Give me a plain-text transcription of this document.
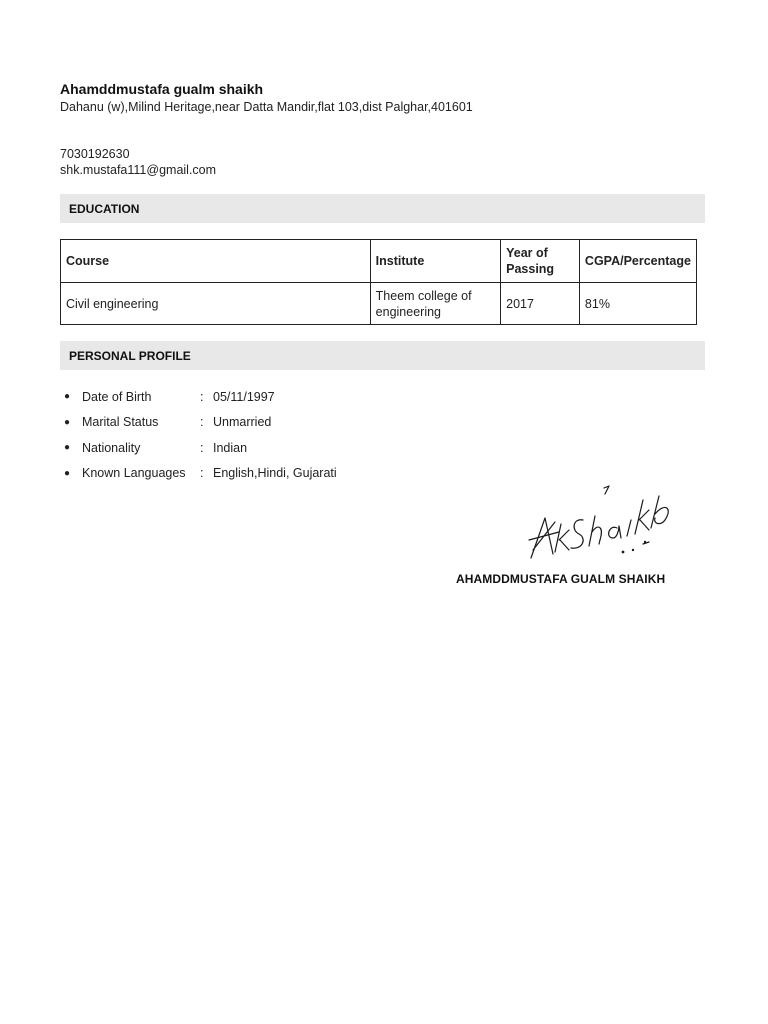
Ahamddmustafa gualm shaikh

Dahanu (w),Milind Heritage,near Datta Mandir,flat 103,dist Palghar,401601
7030192630
shk.mustafa111@gmail.com
EDUCATION
Course	Institute	Year of Passing	CGPA/Percentage
Civil engineering	Theem college of engineering	2017	81%
PERSONAL PROFILE
● Date of Birth	: 05/11/1997
● Marital Status	: Unmarried
● Nationality	: Indian
● Known Languages	: English,Hindi, Gujarati
AHAMDDMUSTAFA GUALM SHAIKH
